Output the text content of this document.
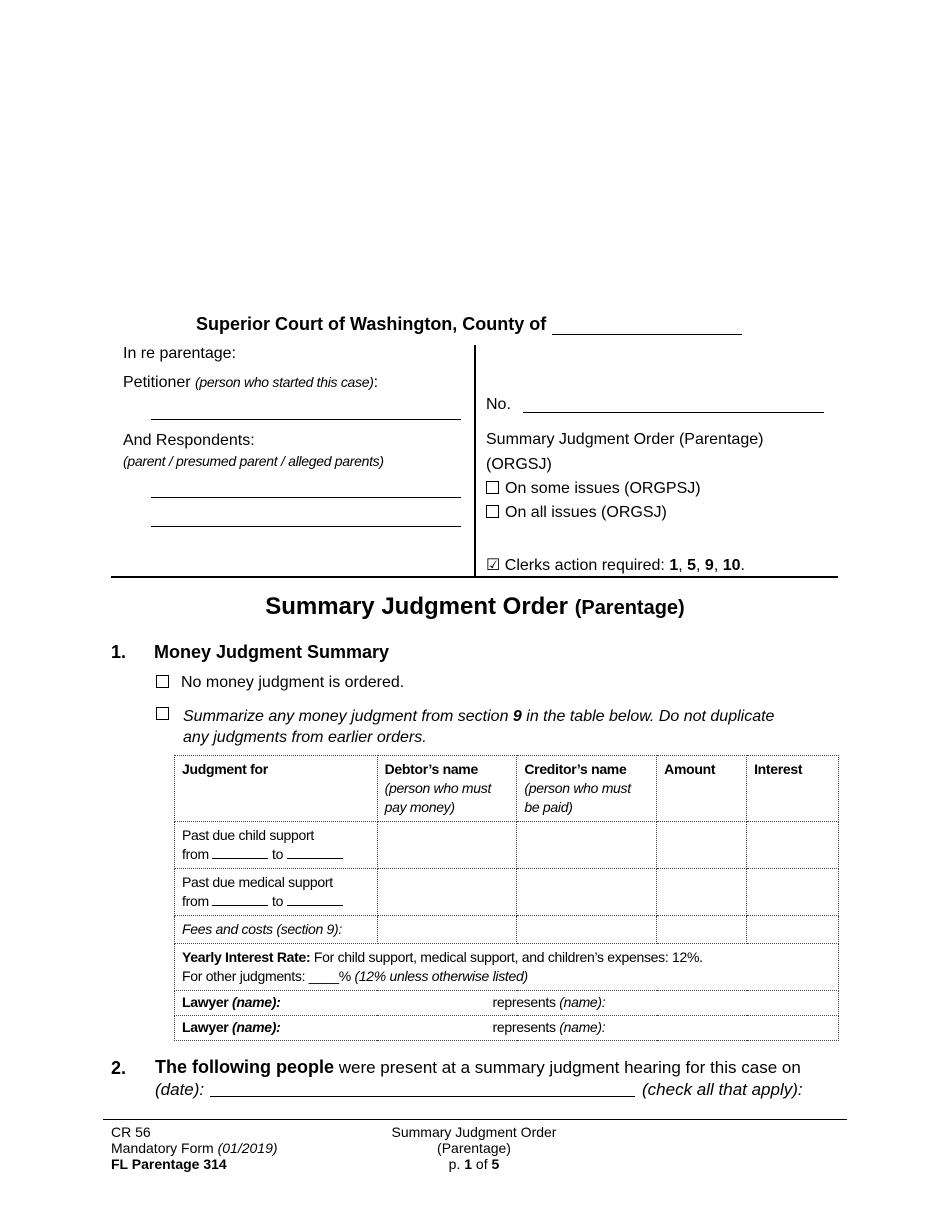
Superior Court of Washington, County of
In re parentage:
Petitioner (person who started this case):
And Respondents:
(parent / presumed parent / alleged parents)
No.
Summary Judgment Order (Parentage)
(ORGSJ)
On some issues (ORGPSJ)
On all issues (ORGSJ)
☑ Clerks action required: 1, 5, 9, 10.
Summary Judgment Order (Parentage)
1. Money Judgment Summary
No money judgment is ordered.
Summarize any money judgment from section 9 in the table below. Do not duplicate
any judgments from earlier orders.
Judgment for	Debtor’s name
(person who must
pay money)	Creditor’s name
(person who must
be paid)	Amount	Interest
Past due child support
from to				
Past due medical support
from to				
Fees and costs (section 9):				
Yearly Interest Rate: For child support, medical support, and children’s expenses: 12%.
For other judgments: ____% (12% unless otherwise listed)				
Lawyer (name): represents (name):				

Lawyer (name): represents (name):				
2. The following people were present at a summary judgment hearing for this case on
(date):	(check all that apply):
CR 56
Mandatory Form (01/2019)
FL Parentage 314
Summary Judgment Order
(Parentage)
p. 1 of 5
